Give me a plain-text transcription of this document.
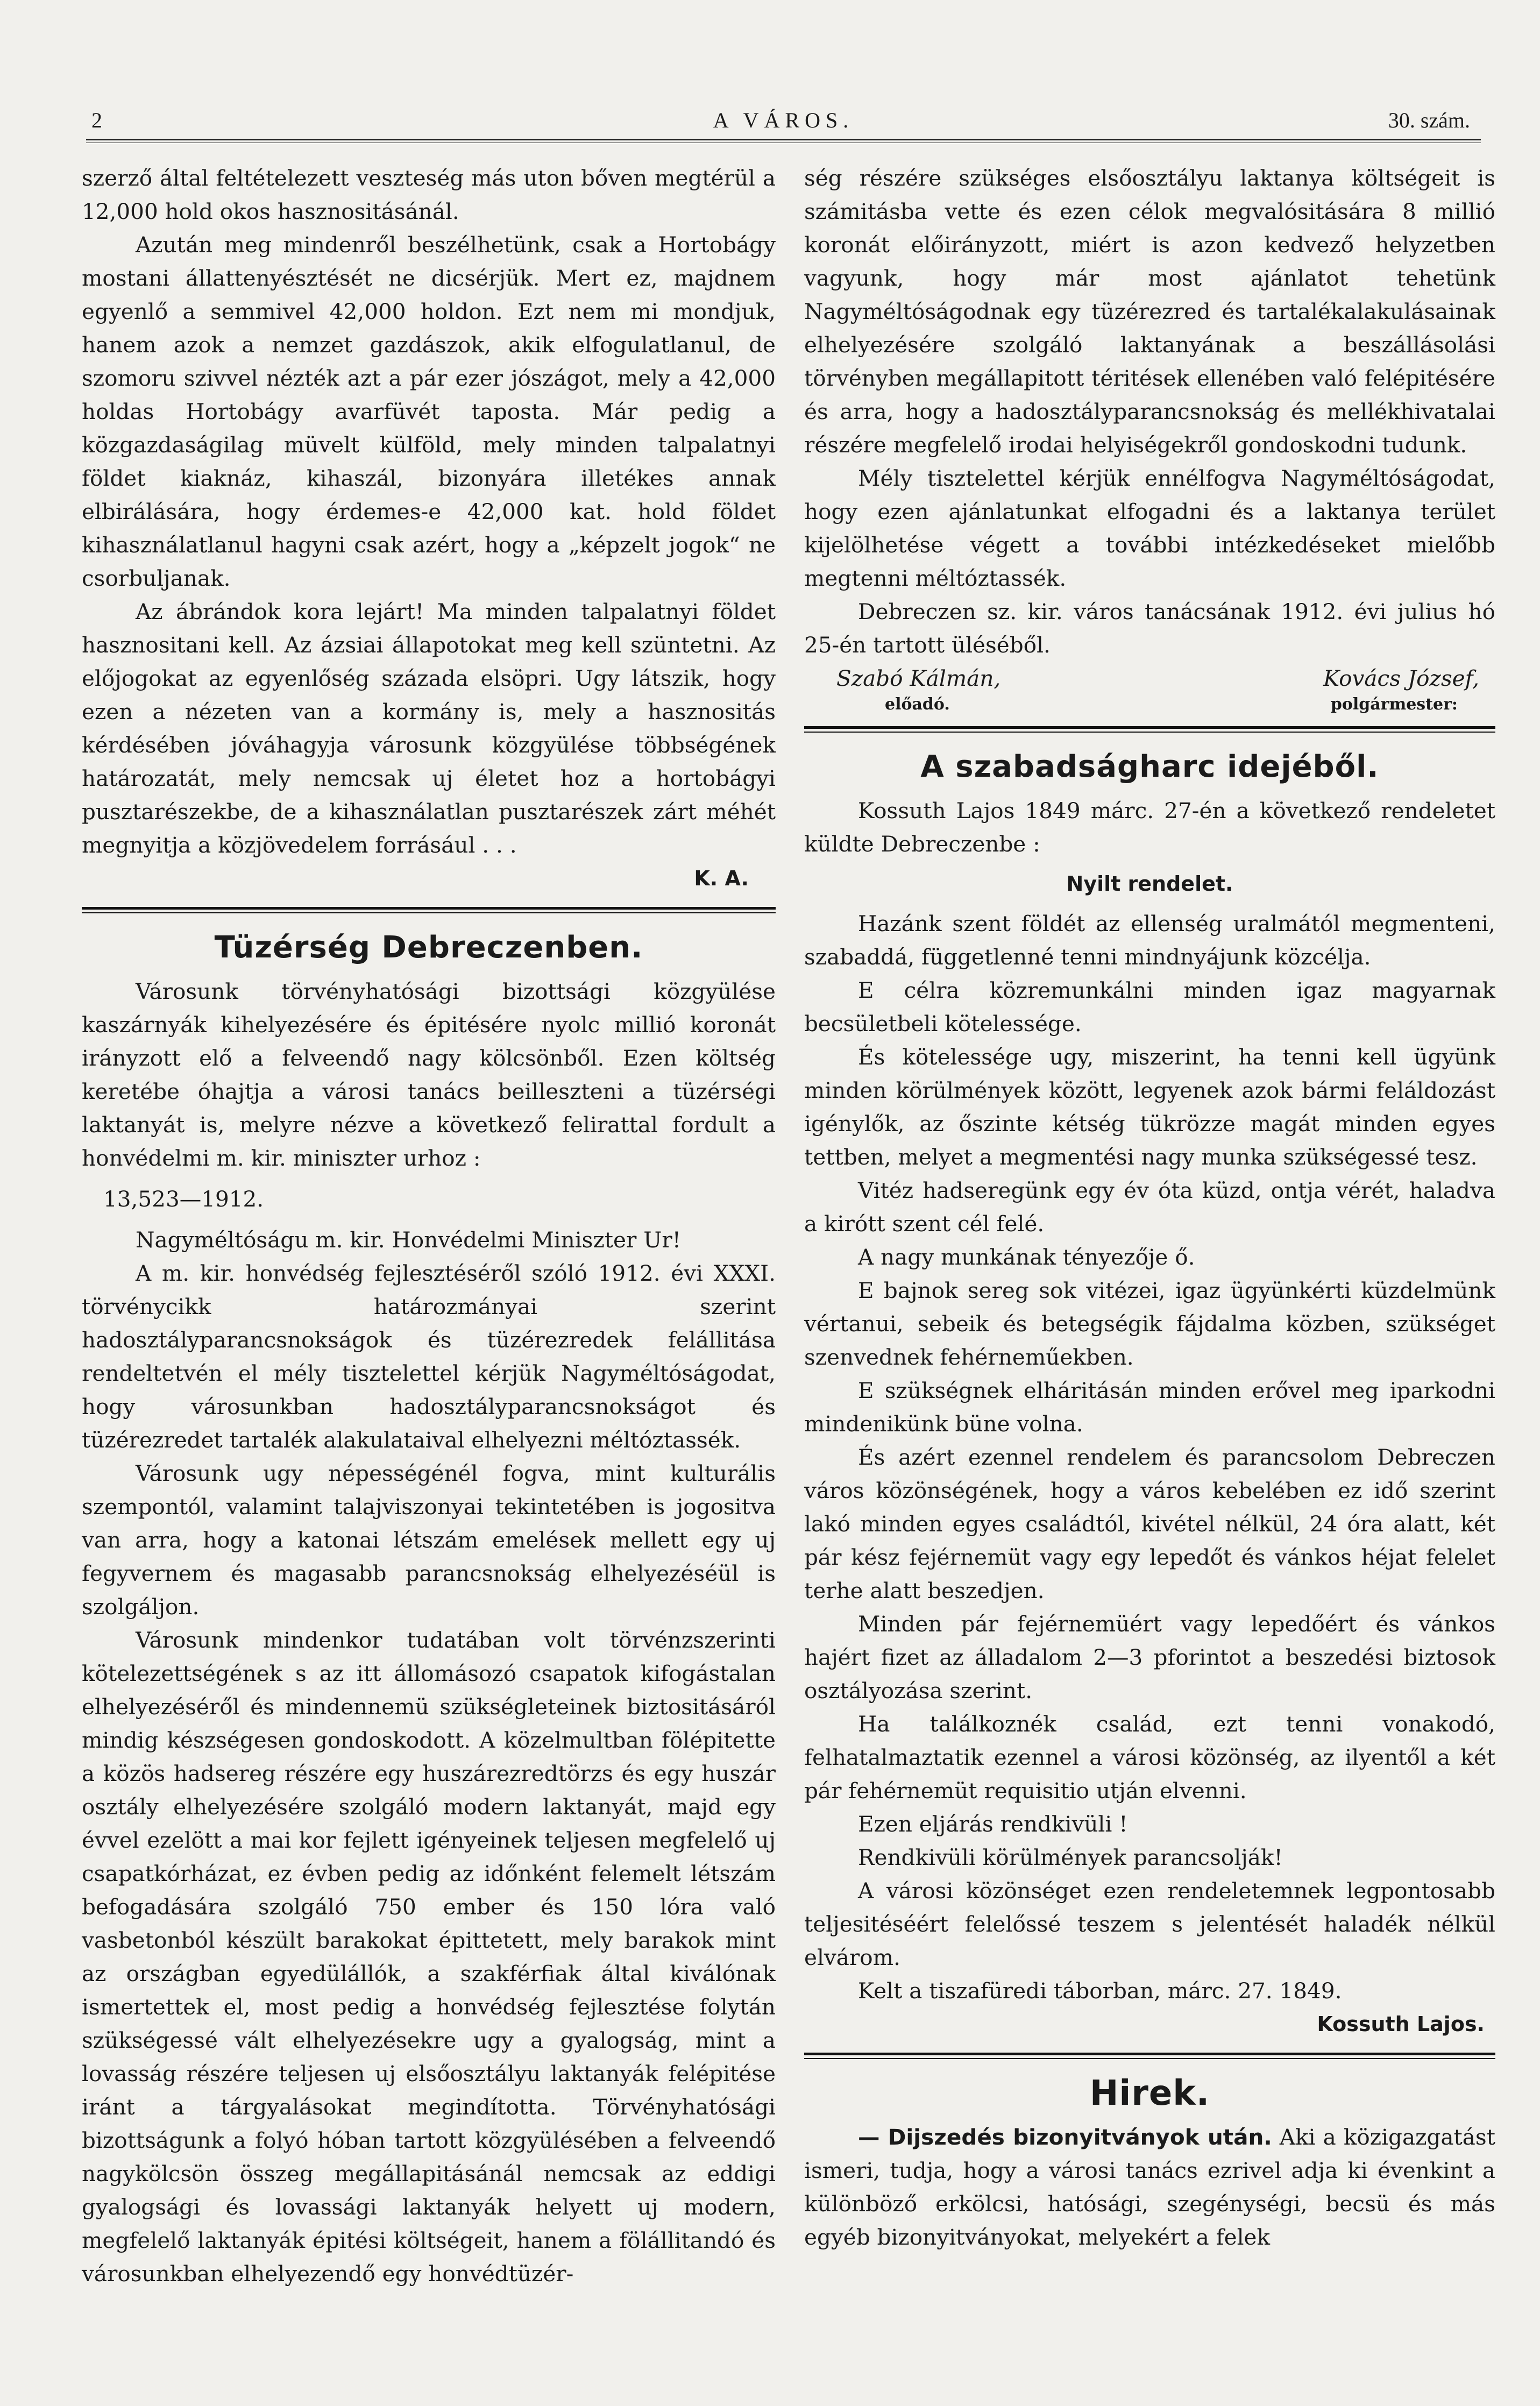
2	A VÁROS.	30. szám.

szerző által feltételezett veszteség más uton bőven megtérül a 12,000 hold okos hasznositásánál.

Azután meg mindenről beszélhetünk, csak a Hortobágy mostani állattenyésztését ne dicsérjük. Mert ez, majdnem egyenlő a semmivel 42,000 holdon. Ezt nem mi mondjuk, hanem azok a nemzet gazdászok, akik elfogulatlanul, de szomoru szivvel nézték azt a pár ezer jószágot, mely a 42,000 holdas Hortobágy avarfüvét taposta. Már pedig a közgazdaságilag müvelt külföld, mely minden talpalatnyi földet kiaknáz, kihaszál, bizonyára illetékes annak elbirálására, hogy érdemes-e 42,000 kat. hold földet kihasználatlanul hagyni csak azért, hogy a „képzelt jogok“ ne csorbuljanak.

Az ábrándok kora lejárt! Ma minden talpalatnyi földet hasznositani kell. Az ázsiai állapotokat meg kell szüntetni. Az előjogokat az egyenlőség százada elsöpri. Ugy látszik, hogy ezen a nézeten van a kormány is, mely a hasznositás kérdésében jóváhagyja városunk közgyülése többségének határozatát, mely nemcsak uj életet hoz a hortobágyi pusztarészekbe, de a kihasználatlan pusztarészek zárt méhét megnyitja a közjövedelem forrásául . . .

K. A.
Tüzérség Debreczenben.

Városunk törvényhatósági bizottsági közgyülése kaszárnyák kihelyezésére és épitésére nyolc millió koronát irányzott elő a felveendő nagy kölcsönből. Ezen költség keretébe óhajtja a városi tanács beilleszteni a tüzérségi laktanyát is, melyre nézve a következő felirattal fordult a honvédelmi m. kir. miniszter urhoz :

13,523—1912.

Nagyméltóságu m. kir. Honvédelmi Miniszter Ur!

A m. kir. honvédség fejlesztéséről szóló 1912. évi XXXI. törvénycikk határozmányai szerint hadosztályparancsnokságok és tüzérezredek felállitása rendeltetvén el mély tisztelettel kérjük Nagyméltóságodat, hogy városunkban hadosztályparancsnokságot és tüzérezredet tartalék alakulataival elhelyezni méltóztassék.

Városunk ugy népességénél fogva, mint kulturális szempontól, valamint talajviszonyai tekintetében is jogositva van arra, hogy a katonai létszám emelések mellett egy uj fegyvernem és magasabb parancsnokság elhelyezéséül is szolgáljon.

Városunk mindenkor tudatában volt törvénzszerinti kötelezettségének s az itt állomásozó csapatok kifogástalan elhelyezéséről és mindennemü szükségleteinek biztositásáról mindig készségesen gondoskodott. A közelmultban fölépitette a közös hadsereg részére egy huszárezredtörzs és egy huszár osztály elhelyezésére szolgáló modern laktanyát, majd egy évvel ezelött a mai kor fejlett igényeinek teljesen megfelelő uj csapatkórházat, ez évben pedig az időnként felemelt létszám befogadására szolgáló 750 ember és 150 lóra való vasbetonból készült barakokat épittetett, mely barakok mint az országban egyedülállók, a szakférfiak által kiválónak ismertettek el, most pedig a honvédség fejlesztése folytán szükségessé vált elhelyezésekre ugy a gyalogság, mint a lovasság részére teljesen uj elsőosztályu laktanyák felépitése iránt a tárgyalásokat megindította. Törvényhatósági bizottságunk a folyó hóban tartott közgyülésében a felveendő nagykölcsön összeg megállapitásánál nemcsak az eddigi gyalogsági és lovassági laktanyák helyett uj modern, megfelelő laktanyák épitési költségeit, hanem a fölállitandó és városunkban elhelyezendő egy honvédtüzér-

ség részére szükséges elsőosztályu laktanya költségeit is számitásba vette és ezen célok megvalósitására 8 millió koronát előirányzott, miért is azon kedvező helyzetben vagyunk, hogy már most ajánlatot tehetünk Nagyméltóságodnak egy tüzérezred és tartalékalakulásainak elhelyezésére szolgáló laktanyának a beszállásolási törvényben megállapitott téritések ellenében való felépitésére és arra, hogy a hadosztályparancsnokság és mellékhivatalai részére megfelelő irodai helyiségekről gondoskodni tudunk.

Mély tisztelettel kérjük ennélfogva Nagyméltóságodat, hogy ezen ajánlatunkat elfogadni és a laktanya terület kijelölhetése végett a további intézkedéseket mielőbb megtenni méltóztassék.

Debreczen sz. kir. város tanácsának 1912. évi julius hó 25-én tartott üléséből.

Szabó Kálmán,	Kovács József,
előadó.	polgármester:
A szabadságharc idejéből.

Kossuth Lajos 1849 márc. 27-én a következő rendeletet küldte Debreczenbe :

Nyilt rendelet.

Hazánk szent földét az ellenség uralmától megmenteni, szabaddá, függetlenné tenni mindnyájunk közcélja.

E célra közremunkálni minden igaz magyarnak becsületbeli kötelessége.

És kötelessége ugy, miszerint, ha tenni kell ügyünk minden körülmények között, legyenek azok bármi feláldozást igénylők, az őszinte kétség tükrözze magát minden egyes tettben, melyet a megmentési nagy munka szükségessé tesz.

Vitéz hadseregünk egy év óta küzd, ontja vérét, haladva a kirótt szent cél felé.

A nagy munkának tényezője ő.

E bajnok sereg sok vitézei, igaz ügyünkérti küzdelmünk vértanui, sebeik és betegségik fájdalma közben, szükséget szenvednek fehérneműekben.

E szükségnek elháritásán minden erővel meg iparkodni mindenikünk büne volna.

És azért ezennel rendelem és parancsolom Debreczen város közönségének, hogy a város kebelében ez idő szerint lakó minden egyes családtól, kivétel nélkül, 24 óra alatt, két pár kész fejérnemüt vagy egy lepedőt és vánkos héjat felelet terhe alatt beszedjen.

Minden pár fejérnemüért vagy lepedőért és vánkos hajért fizet az álladalom 2—3 pforintot a beszedési biztosok osztályozása szerint.

Ha találkoznék család, ezt tenni vonakodó, felhatalmaztatik ezennel a városi közönség, az ilyentől a két pár fehérnemüt requisitio utján elvenni.

Ezen eljárás rendkivüli !

Rendkivüli körülmények parancsolják!

A városi közönséget ezen rendeletemnek legpontosabb teljesitéséért felelőssé teszem s jelentését haladék nélkül elvárom.

Kelt a tiszafüredi táborban, márc. 27. 1849.

Kossuth Lajos.
Hirek.

— Dijszedés bizonyitványok után. Aki a közigazgatást ismeri, tudja, hogy a városi tanács ezrivel adja ki évenkint a különböző erkölcsi, hatósági, szegénységi, becsü és más egyéb bizonyitványokat, melyekért a felek
